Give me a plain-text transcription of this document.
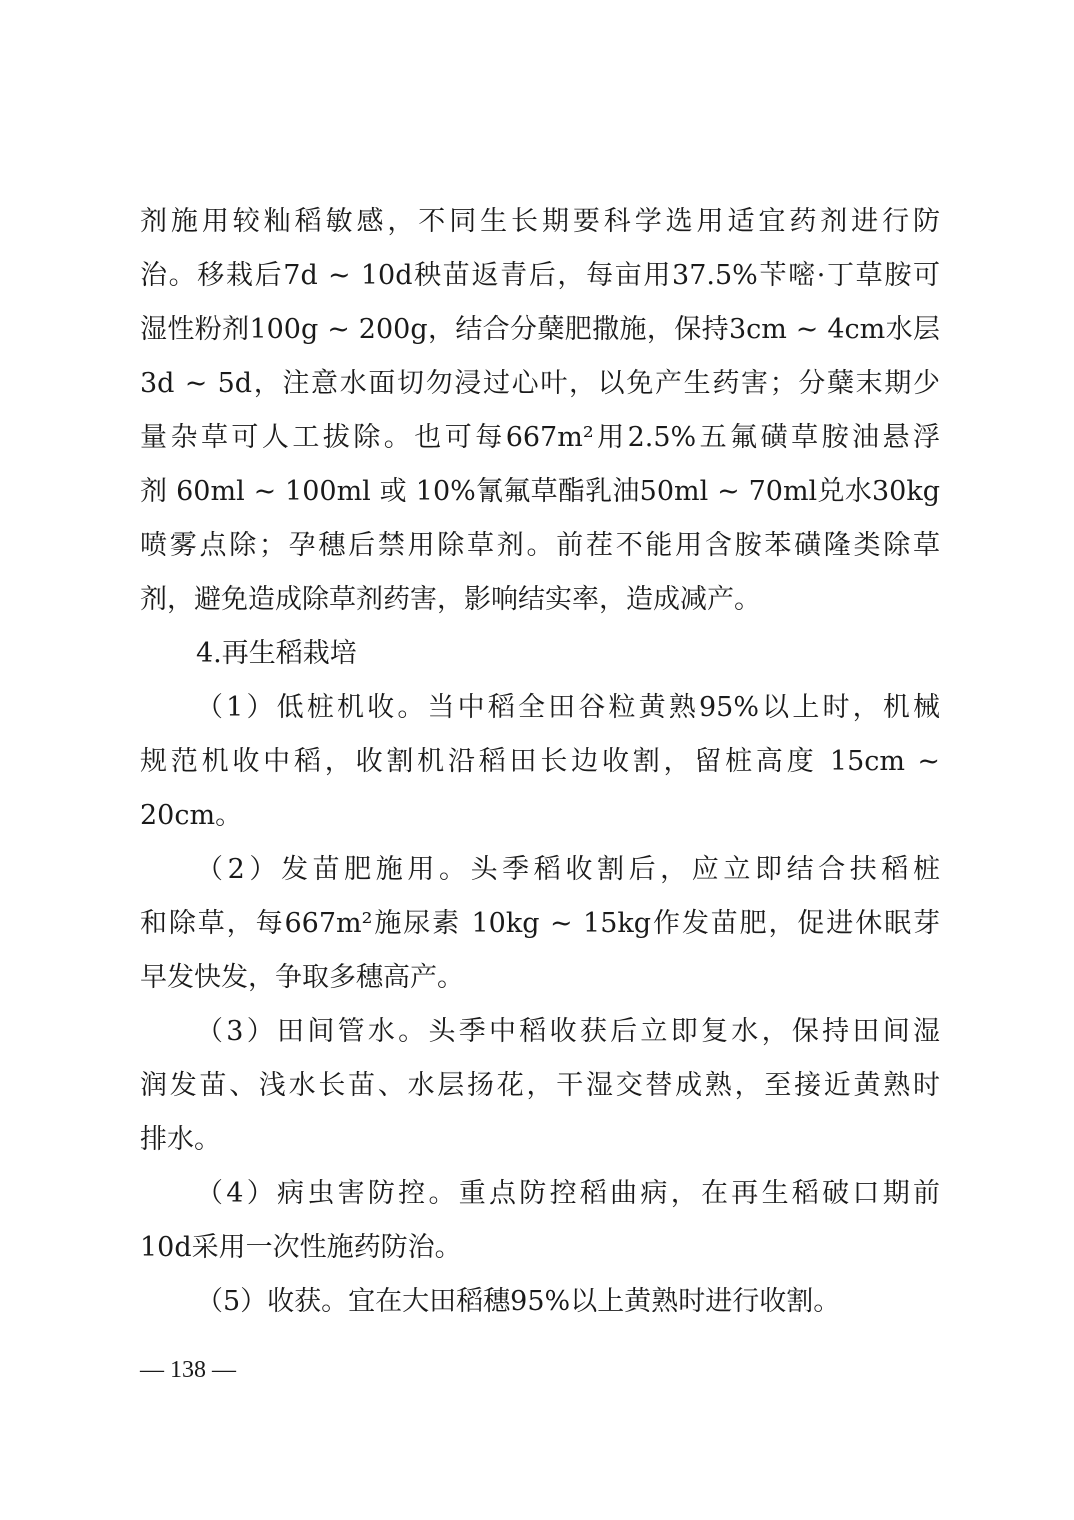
剂施用较籼稻敏感，不同生长期要科学选用适宜药剂进行防
治。移栽后7d ~ 10d秧苗返青后，每亩用37.5%苄嘧·丁草胺可
湿性粉剂100g ~ 200g，结合分蘖肥撒施，保持3cm ~ 4cm水层
3d ~ 5d，注意水面切勿浸过心叶，以免产生药害；分蘖末期少
量杂草可人工拔除。也可每667m²用2.5%五氟磺草胺油悬浮
剂 60ml ~ 100ml 或 10%氰氟草酯乳油50ml ~ 70ml兑水30kg
喷雾点除；孕穗后禁用除草剂。前茬不能用含胺苯磺隆类除草
剂，避免造成除草剂药害，影响结实率，造成减产。
4.再生稻栽培
（1）低桩机收。当中稻全田谷粒黄熟95%以上时，机械
规范机收中稻，收割机沿稻田长边收割，留桩高度 15cm ~
20cm。
（2）发苗肥施用。头季稻收割后，应立即结合扶稻桩
和除草，每667m²施尿素 10kg ~ 15kg作发苗肥，促进休眠芽
早发快发，争取多穗高产。
（3）田间管水。头季中稻收获后立即复水，保持田间湿
润发苗、浅水长苗、水层扬花，干湿交替成熟，至接近黄熟时
排水。
（4）病虫害防控。重点防控稻曲病，在再生稻破口期前
10d采用一次性施药防治。
（5）收获。宜在大田稻穗95%以上黄熟时进行收割。
— 138 —
